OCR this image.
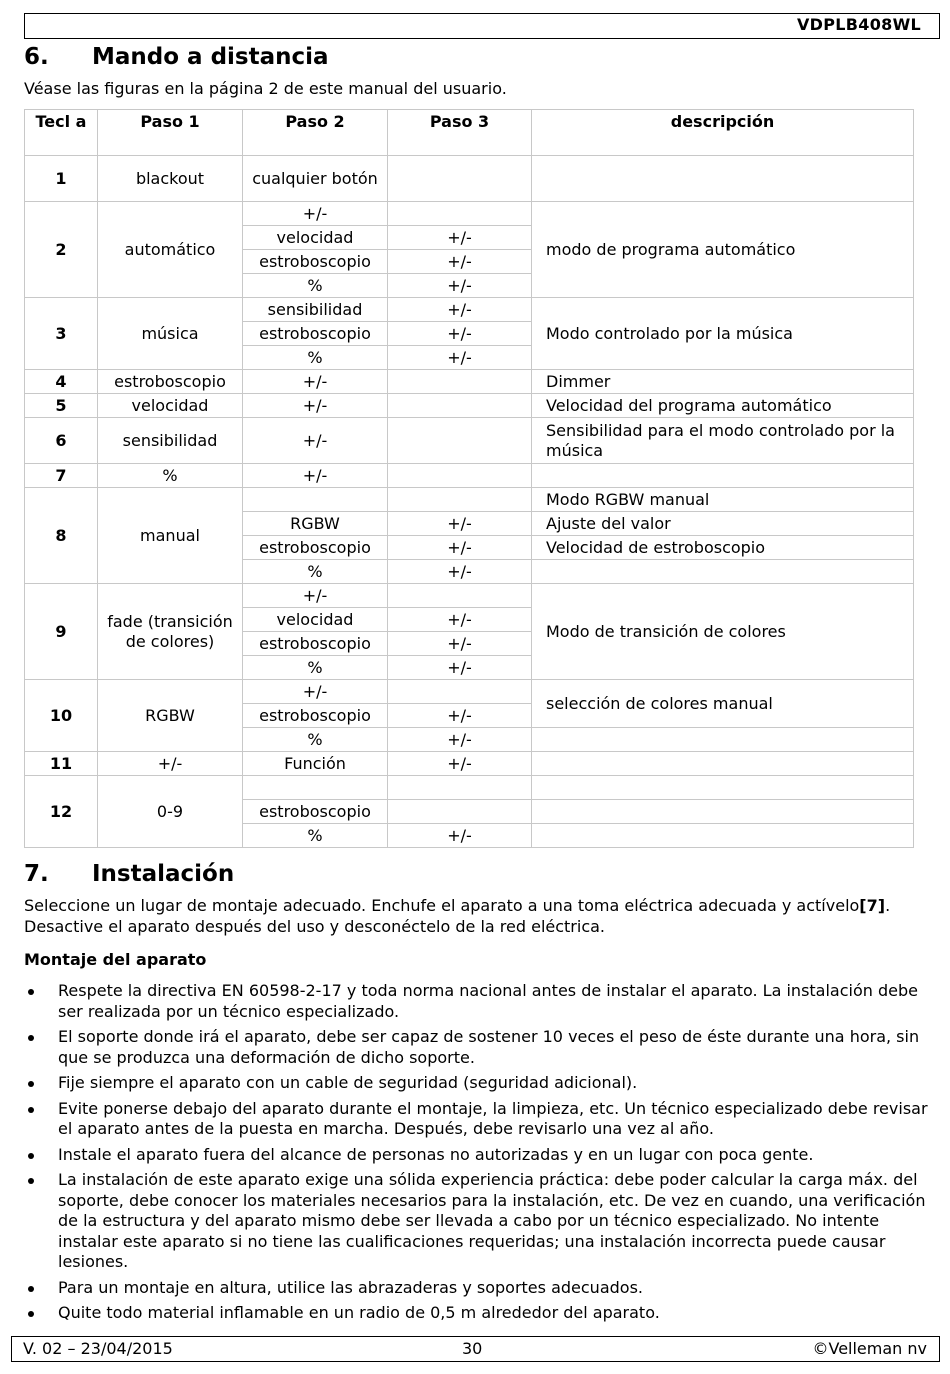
VDPLB408WL
6.	Mando a distancia
Véase las figuras en la página 2 de este manual del usuario.
Tecl a	Paso 1	Paso 2	Paso 3	descripción
1	blackout	cualquier botón		
2	automático	+/-		modo de programa automático
		velocidad	+/-	
		estroboscopio	+/-	
		%	+/-	
3	música	sensibilidad	+/-	Modo controlado por la música
		estroboscopio	+/-	
		%	+/-	
4	estroboscopio	+/-		Dimmer
5	velocidad	+/-		Velocidad del programa automático
6	sensibilidad	+/-		Sensibilidad para el modo controlado por la música
7	%	+/-		
8	manual			Modo RGBW manual
		RGBW	+/-	Ajuste del valor
		estroboscopio	+/-	Velocidad de estroboscopio
		%	+/-	
9	fade (transición de colores)	+/-		Modo de transición de colores
		velocidad	+/-	
		estroboscopio	+/-	
		%	+/-	
10	RGBW	+/-		selección de colores manual
		estroboscopio	+/-	
		%	+/-	
11	+/-	Función	+/-	
12	0-9			
		estroboscopio		
		%	+/-	
7.	Instalación

Seleccione un lugar de montaje adecuado. Enchufe el aparato a una toma eléctrica adecuada y actívelo[7]. Desactive el aparato después del uso y desconéctelo de la red eléctrica.

Montaje del aparato
Respete la directiva EN 60598-2-17 y toda norma nacional antes de instalar el aparato. La instalación debe ser realizada por un técnico especializado.
El soporte donde irá el aparato, debe ser capaz de sostener 10 veces el peso de éste durante una hora, sin que se produzca una deformación de dicho soporte.
Fije siempre el aparato con un cable de seguridad (seguridad adicional).
Evite ponerse debajo del aparato durante el montaje, la limpieza, etc. Un técnico especializado debe revisar el aparato antes de la puesta en marcha. Después, debe revisarlo una vez al año.
Instale el aparato fuera del alcance de personas no autorizadas y en un lugar con poca gente.
La instalación de este aparato exige una sólida experiencia práctica: debe poder calcular la carga máx. del soporte, debe conocer los materiales necesarios para la instalación, etc. De vez en cuando, una verificación de la estructura y del aparato mismo debe ser llevada a cabo por un técnico especializado. No intente instalar este aparato si no tiene las cualificaciones requeridas; una instalación incorrecta puede causar lesiones.
Para un montaje en altura, utilice las abrazaderas y soportes adecuados.
Quite todo material inflamable en un radio de 0,5 m alrededor del aparato.
V. 02 – 23/04/2015	30	©Velleman nv
